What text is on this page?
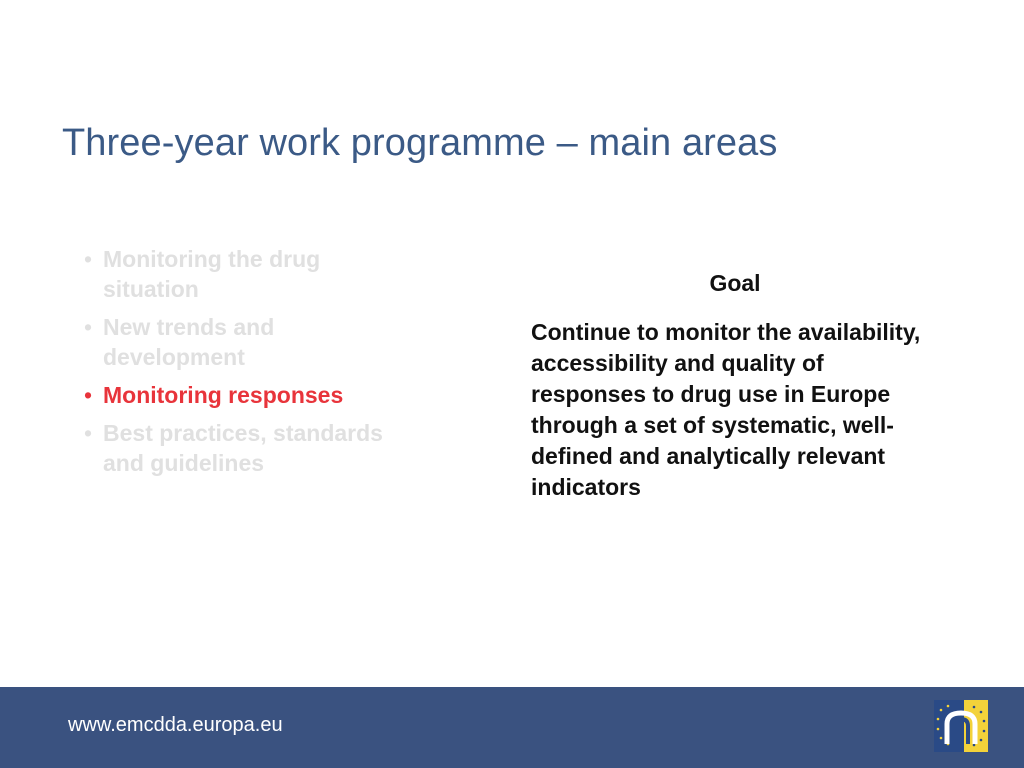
Three-year work programme – main areas
• Monitoring the drug situation
• New trends and development
• Monitoring responses
• Best practices, standards and guidelines
Goal

Continue to monitor the availability, accessibility and quality of responses to drug use in Europe through a set of systematic, well-defined and analytically relevant indicators

www.emcdda.europa.eu
